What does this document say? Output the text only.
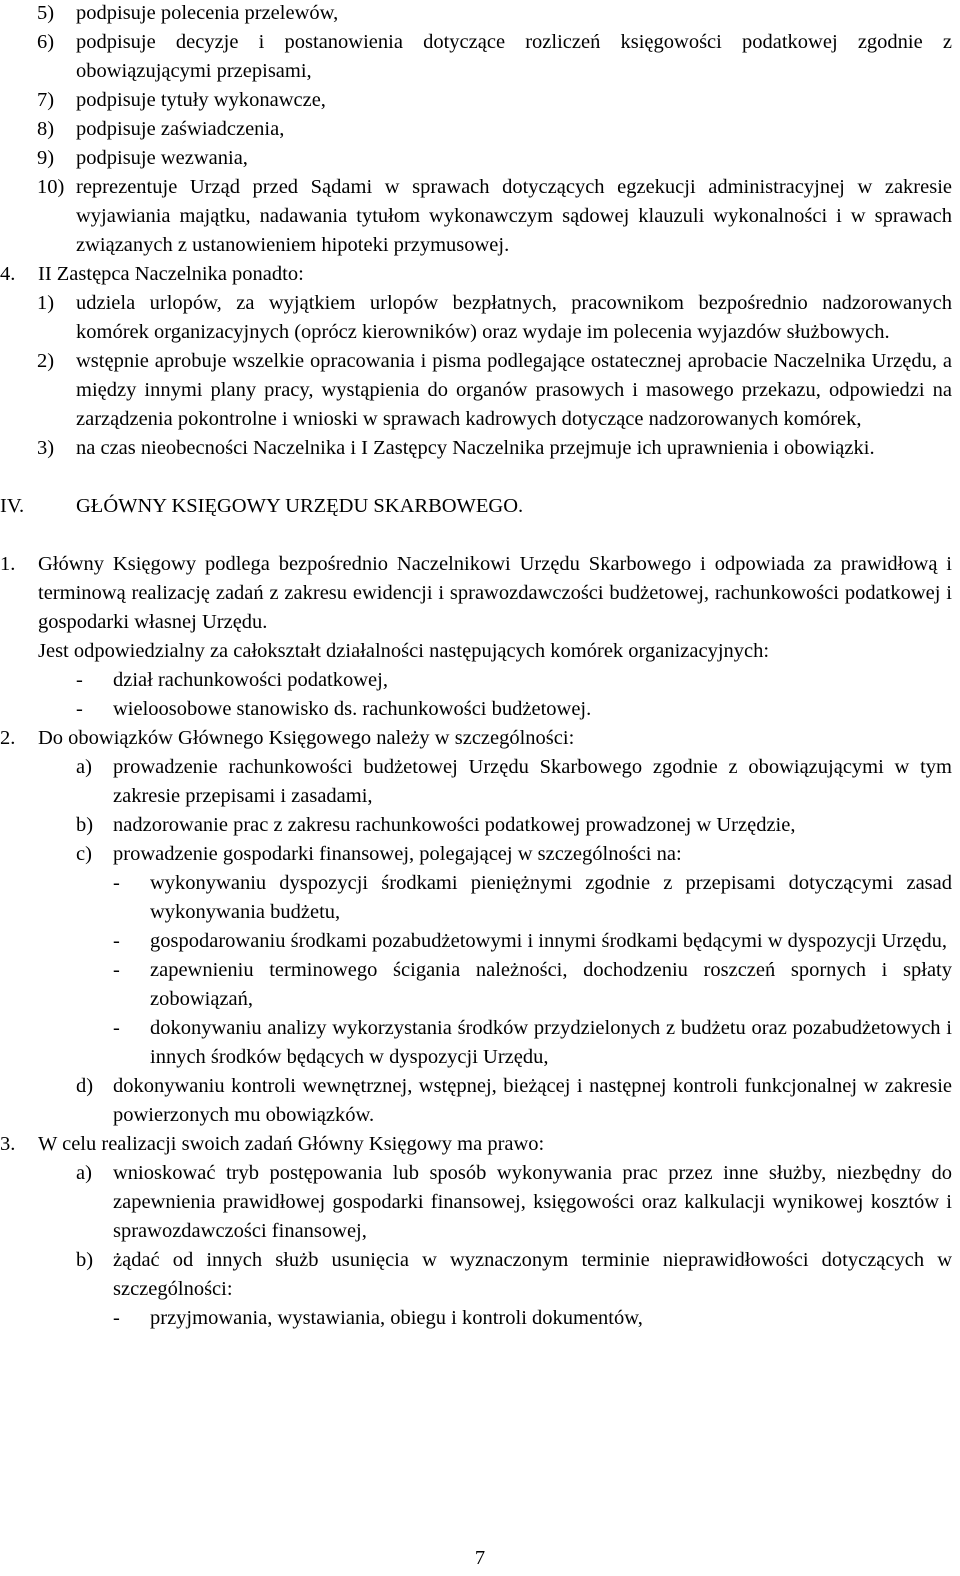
5) podpisuje polecenia przelewów,
6) podpisuje decyzje i postanowienia dotyczące rozliczeń księgowości podatkowej zgodnie z obowiązującymi przepisami,
7) podpisuje tytuły wykonawcze,
8) podpisuje zaświadczenia,
9) podpisuje wezwania,
10) reprezentuje Urząd przed Sądami w sprawach dotyczących egzekucji administracyjnej w zakresie wyjawiania majątku, nadawania tytułom wykonawczym sądowej klauzuli wykonalności i w sprawach związanych z ustanowieniem hipoteki przymusowej.
4. II Zastępca Naczelnika ponadto:
1) udziela urlopów, za wyjątkiem urlopów bezpłatnych, pracownikom bezpośrednio nadzorowanych komórek organizacyjnych (oprócz kierowników) oraz wydaje im polecenia wyjazdów służbowych.
2) wstępnie aprobuje wszelkie opracowania i pisma podlegające ostatecznej aprobacie Naczelnika Urzędu, a między innymi plany pracy, wystąpienia do organów prasowych i masowego przekazu, odpowiedzi na zarządzenia pokontrolne i wnioski w sprawach kadrowych dotyczące nadzorowanych komórek,
3) na czas nieobecności Naczelnika i I Zastępcy Naczelnika przejmuje ich uprawnienia i obowiązki.
IV.	GŁÓWNY KSIĘGOWY URZĘDU SKARBOWEGO.
1. Główny Księgowy podlega bezpośrednio Naczelnikowi Urzędu Skarbowego i odpowiada za prawidłową i terminową realizację zadań z zakresu ewidencji i sprawozdawczości budżetowej, rachunkowości podatkowej i gospodarki własnej Urzędu.
Jest odpowiedzialny za całokształt działalności następujących komórek organizacyjnych:
- dział rachunkowości podatkowej,
- wieloosobowe stanowisko ds. rachunkowości budżetowej.
2. Do obowiązków Głównego Księgowego należy w szczególności:
a) prowadzenie rachunkowości budżetowej Urzędu Skarbowego zgodnie z obowiązującymi w tym zakresie przepisami i zasadami,
b) nadzorowanie prac z zakresu rachunkowości podatkowej prowadzonej w Urzędzie,
c) prowadzenie gospodarki finansowej, polegającej w szczególności na:
- wykonywaniu dyspozycji środkami pieniężnymi zgodnie z przepisami dotyczącymi zasad wykonywania budżetu,
- gospodarowaniu środkami pozabudżetowymi i innymi środkami będącymi w dyspozycji Urzędu,
- zapewnieniu terminowego ścigania należności, dochodzeniu roszczeń spornych i spłaty zobowiązań,
- dokonywaniu analizy wykorzystania środków przydzielonych z budżetu oraz pozabudżetowych i innych środków będących w dyspozycji Urzędu,
d) dokonywaniu kontroli wewnętrznej, wstępnej, bieżącej i następnej kontroli funkcjonalnej w zakresie powierzonych mu obowiązków.
3. W celu realizacji swoich zadań Główny Księgowy ma prawo:
a) wnioskować tryb postępowania lub sposób wykonywania prac przez inne służby, niezbędny do zapewnienia prawidłowej gospodarki finansowej, księgowości oraz kalkulacji wynikowej kosztów i sprawozdawczości finansowej,
b) żądać od innych służb usunięcia w wyznaczonym terminie nieprawidłowości dotyczących w szczególności:
- przyjmowania, wystawiania, obiegu i kontroli dokumentów,
7
